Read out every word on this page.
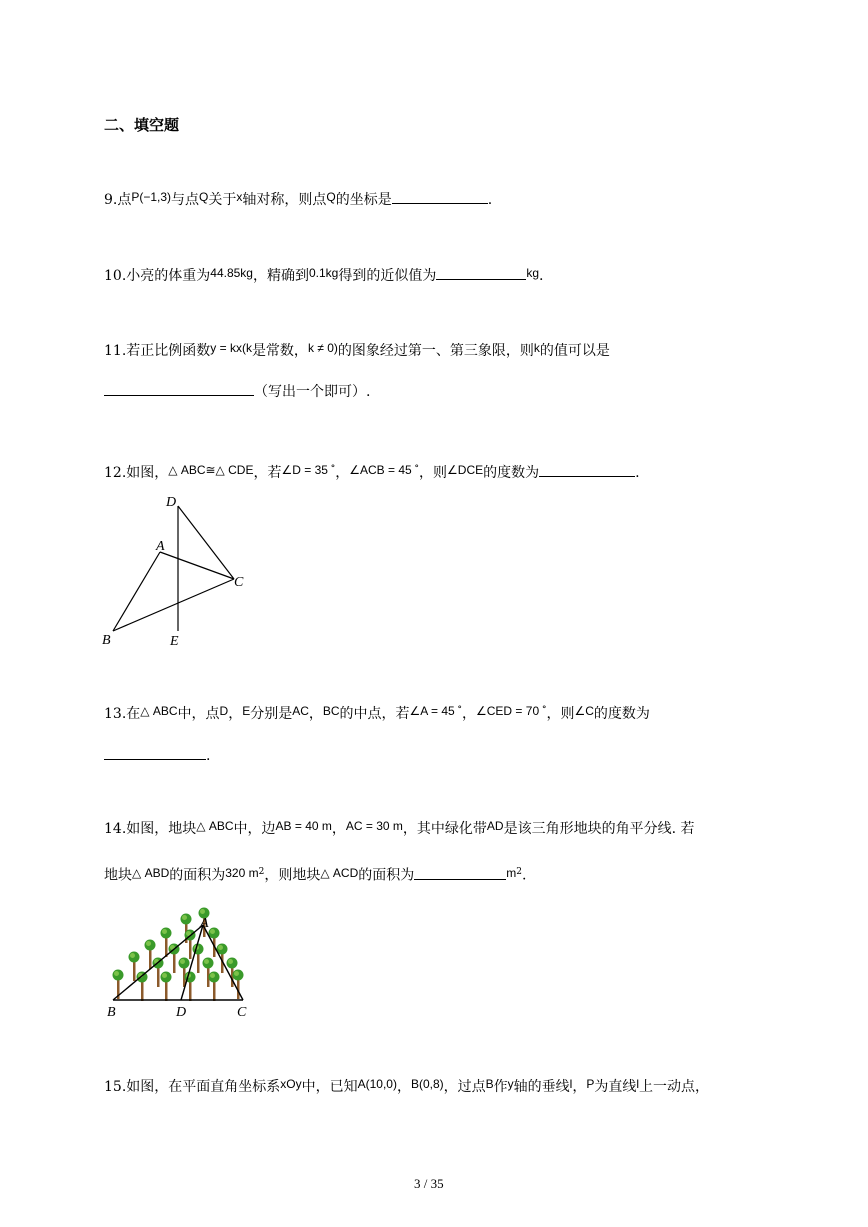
二、填空题
9.点P(−1,3)与点Q关于x轴对称，则点Q的坐标是	.
10.小亮的体重为44.85kg，精确到0.1kg得到的近似值为	kg.
11.若正比例函数y = kx(k是常数，k ≠ 0)的图象经过第一、第三象限，则k的值可以是
（写出一个即可）.
12.如图，△ ABC≅△ CDE，若∠D = 35 ˚，∠ACB = 45 ˚，则∠DCE的度数为	.
D
A
C
B	E
13.在△ ABC中，点D，E分别是AC，BC的中点，若∠A = 45 ˚，∠CED = 70 ˚，则∠C的度数为
.
14.如图，地块△ ABC中，边AB = 40 m，AC = 30 m，其中绿化带AD是该三角形地块的角平分线. 若
地块△ ABD的面积为320 $m^2$，则地块△ ACD的面积为	$m^2$.
A
B	D	C
15.如图，在平面直角坐标系xOy中，已知A(10,0)，B(0,8)，过点B作y轴的垂线l，P为直线l上一动点，
3 / 35
